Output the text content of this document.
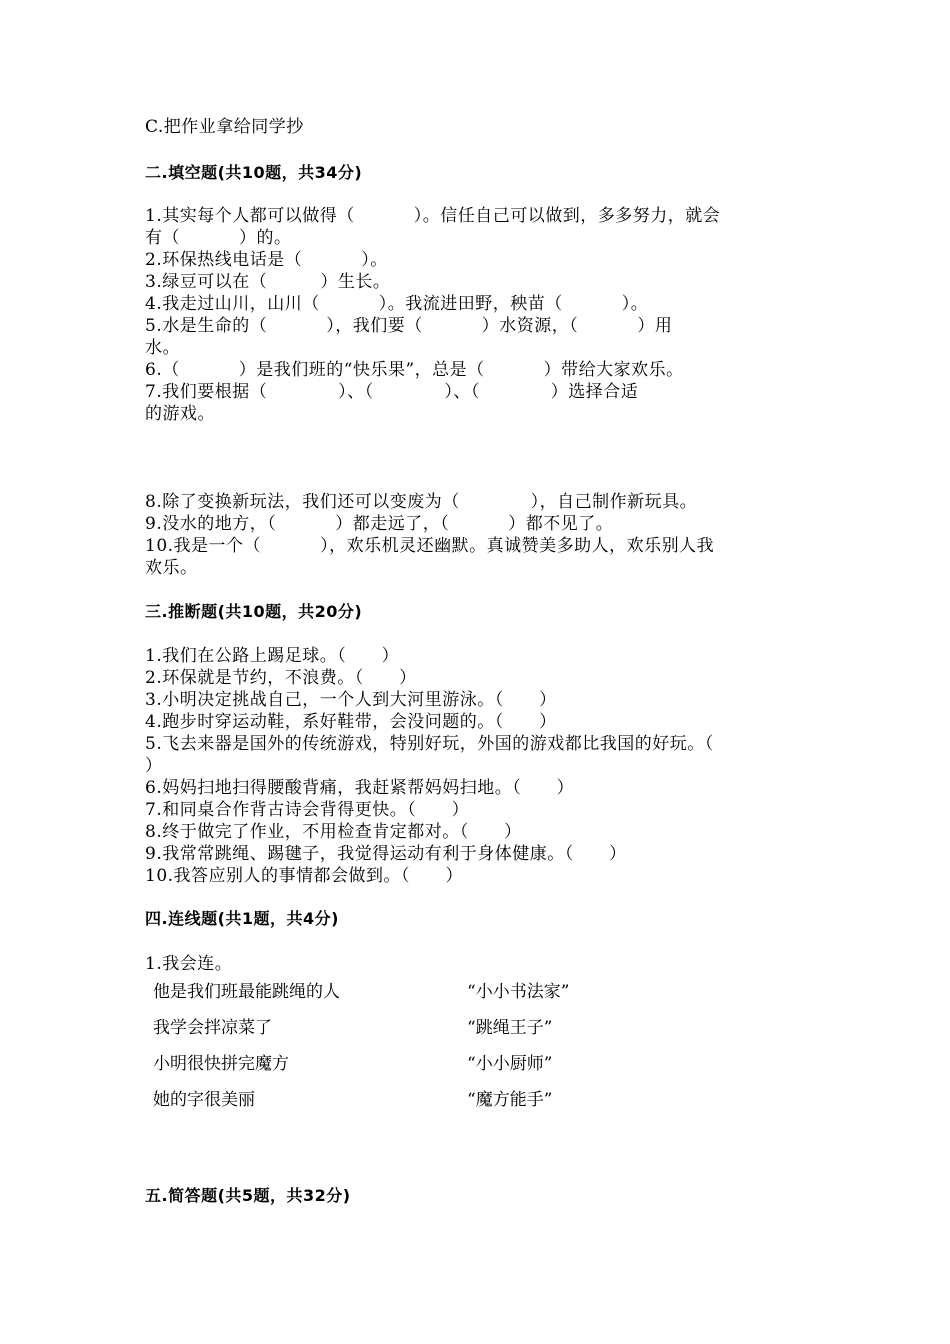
C.把作业拿给同学抄
二.填空题(共10题，共34分)
1.其实每个人都可以做得（          ）。信任自己可以做到，多多努力，就会
有（          ）的。
2.环保热线电话是（          ）。
3.绿豆可以在（         ）生长。
4.我走过山川，山川（          ）。我流进田野，秧苗（          ）。
5.水是生命的（          ），我们要（          ）水资源，（          ）用
水。
6.（          ）是我们班的“快乐果”，总是（          ）带给大家欢乐。
7.我们要根据（            ）、（            ）、（            ）选择合适
的游戏。
8.除了变换新玩法，我们还可以变废为（            ），自己制作新玩具。
9.没水的地方，（          ）都走远了，（          ）都不见了。
10.我是一个（          ），欢乐机灵还幽默。真诚赞美多助人，欢乐别人我
欢乐。
三.推断题(共10题，共20分)
1.我们在公路上踢足球。（      ）
2.环保就是节约，不浪费。（      ）
3.小明决定挑战自己，一个人到大河里游泳。（      ）
4.跑步时穿运动鞋，系好鞋带，会没问题的。（      ）
5.飞去来器是国外的传统游戏，特别好玩，外国的游戏都比我国的好玩。（
）
6.妈妈扫地扫得腰酸背痛，我赶紧帮妈妈扫地。（      ）
7.和同桌合作背古诗会背得更快。（      ）
8.终于做完了作业，不用检查肯定都对。（      ）
9.我常常跳绳、踢毽子，我觉得运动有利于身体健康。（      ）
10.我答应别人的事情都会做到。（      ）
四.连线题(共1题，共4分)
1.我会连。
他是我们班最能跳绳的人
我学会拌凉菜了
小明很快拼完魔方
她的字很美丽
“小小书法家”
“跳绳王子”
“小小厨师”
“魔方能手”
五.简答题(共5题，共32分)
